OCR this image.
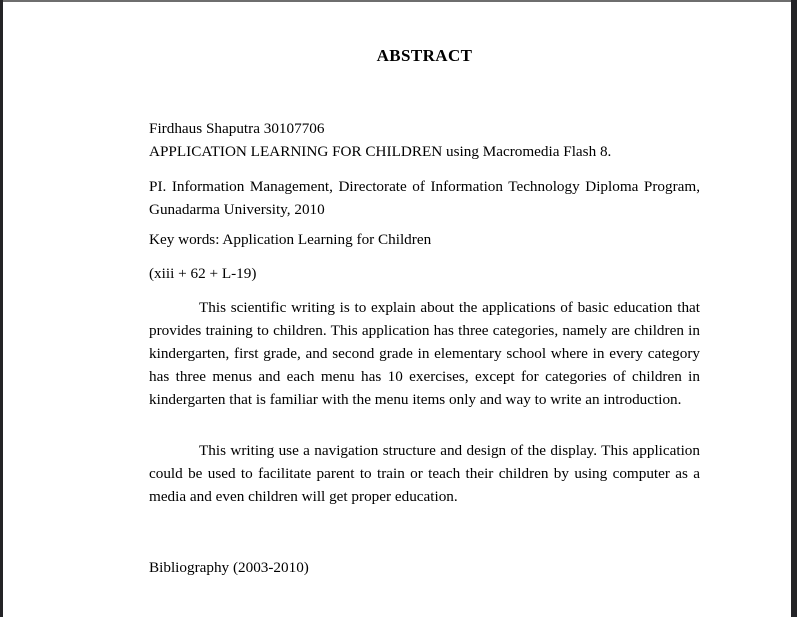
ABSTRACT
Firdhaus Shaputra 30107706
APPLICATION LEARNING FOR CHILDREN using Macromedia Flash 8.
PI. Information Management, Directorate of Information Technology Diploma Program, Gunadarma University, 2010
Key words: Application Learning for Children
(xiii + 62 + L-19)
This scientific writing is to explain about the applications of basic education that provides training to children. This application has three categories, namely are children in kindergarten, first grade, and second grade in elementary school where in every category has three menus and each menu has 10 exercises, except for categories of children in kindergarten that is familiar with the menu items only and way to write an introduction.
This writing use a navigation structure and design of the display. This application could be used to facilitate parent to train or teach their children by using computer as a media and even children will get proper education.
Bibliography (2003-2010)
